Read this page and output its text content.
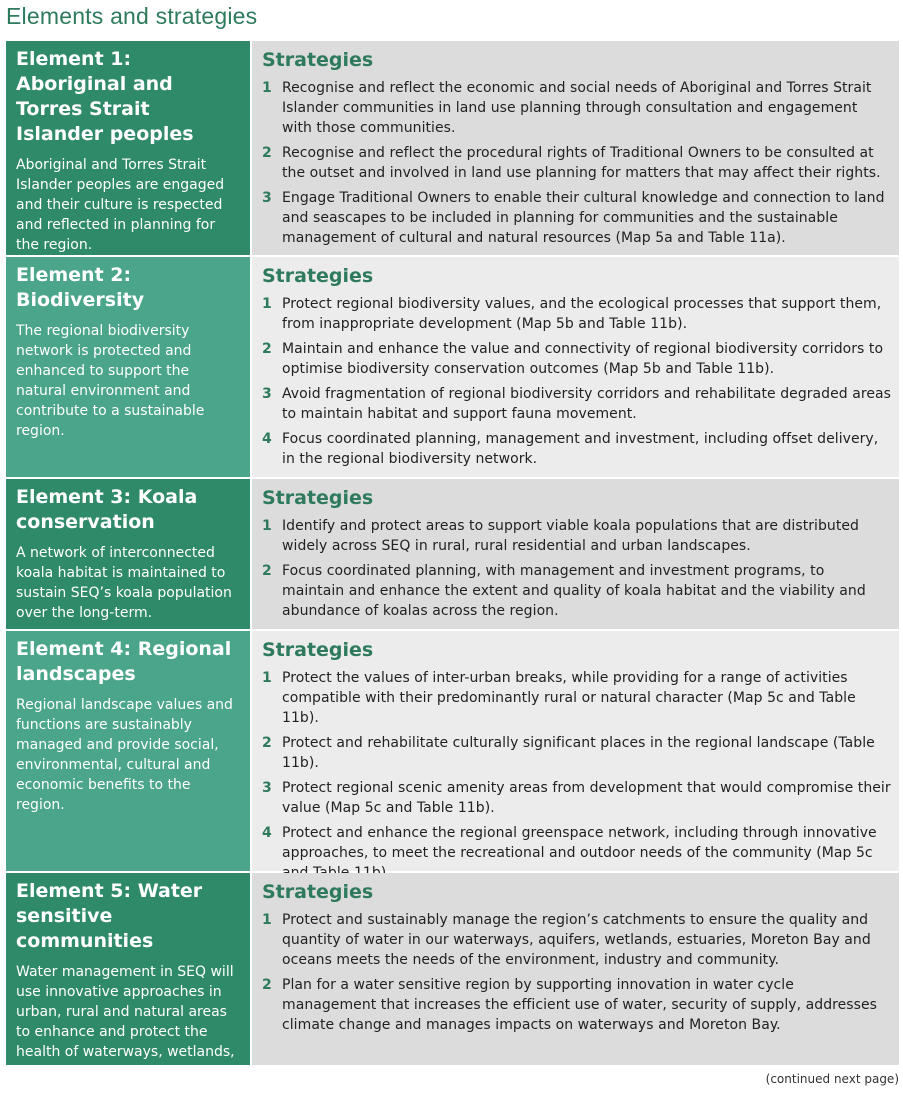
Elements and strategies
Element 1: Aboriginal and Torres Strait Islander peoples
Aboriginal and Torres Strait Islander peoples are engaged and their culture is respected and reflected in planning for the region.
Strategies
1 Recognise and reflect the economic and social needs of Aboriginal and Torres Strait Islander communities in land use planning through consultation and engagement with those communities.
2 Recognise and reflect the procedural rights of Traditional Owners to be consulted at the outset and involved in land use planning for matters that may affect their rights.
3 Engage Traditional Owners to enable their cultural knowledge and connection to land and seascapes to be included in planning for communities and the sustainable management of cultural and natural resources (Map 5a and Table 11a).
Element 2: Biodiversity
The regional biodiversity network is protected and enhanced to support the natural environment and contribute to a sustainable region.
Strategies
1 Protect regional biodiversity values, and the ecological processes that support them, from inappropriate development (Map 5b and Table 11b).
2 Maintain and enhance the value and connectivity of regional biodiversity corridors to optimise biodiversity conservation outcomes (Map 5b and Table 11b).
3 Avoid fragmentation of regional biodiversity corridors and rehabilitate degraded areas to maintain habitat and support fauna movement.
4 Focus coordinated planning, management and investment, including offset delivery, in the regional biodiversity network.
Element 3: Koala conservation
A network of interconnected koala habitat is maintained to sustain SEQ’s koala population over the long-term.
Strategies
1 Identify and protect areas to support viable koala populations that are distributed widely across SEQ in rural, rural residential and urban landscapes.
2 Focus coordinated planning, with management and investment programs, to maintain and enhance the extent and quality of koala habitat and the viability and abundance of koalas across the region.
Element 4: Regional landscapes
Regional landscape values and functions are sustainably managed and provide social, environmental, cultural and economic benefits to the region.
Strategies
1 Protect the values of inter-urban breaks, while providing for a range of activities compatible with their predominantly rural or natural character (Map 5c and Table 11b).
2 Protect and rehabilitate culturally significant places in the regional landscape (Table 11b).
3 Protect regional scenic amenity areas from development that would compromise their value (Map 5c and Table 11b).
4 Protect and enhance the regional greenspace network, including through innovative approaches, to meet the recreational and outdoor needs of the community (Map 5c
Element 5: Water sensitive communities
Water management in SEQ will use innovative approaches in urban, rural and natural areas to enhance and protect the health of waterways, wetlands, coast and bays.
Strategies
1 Protect and sustainably manage the region’s catchments to ensure the quality and quantity of water in our waterways, aquifers, wetlands, estuaries, Moreton Bay and oceans meets the needs of the environment, industry and community.
2 Plan for a water sensitive region by supporting innovation in water cycle management that increases the efficient use of water, security of supply, addresses climate change and manages impacts on waterways and Moreton Bay.
(continued next page)
